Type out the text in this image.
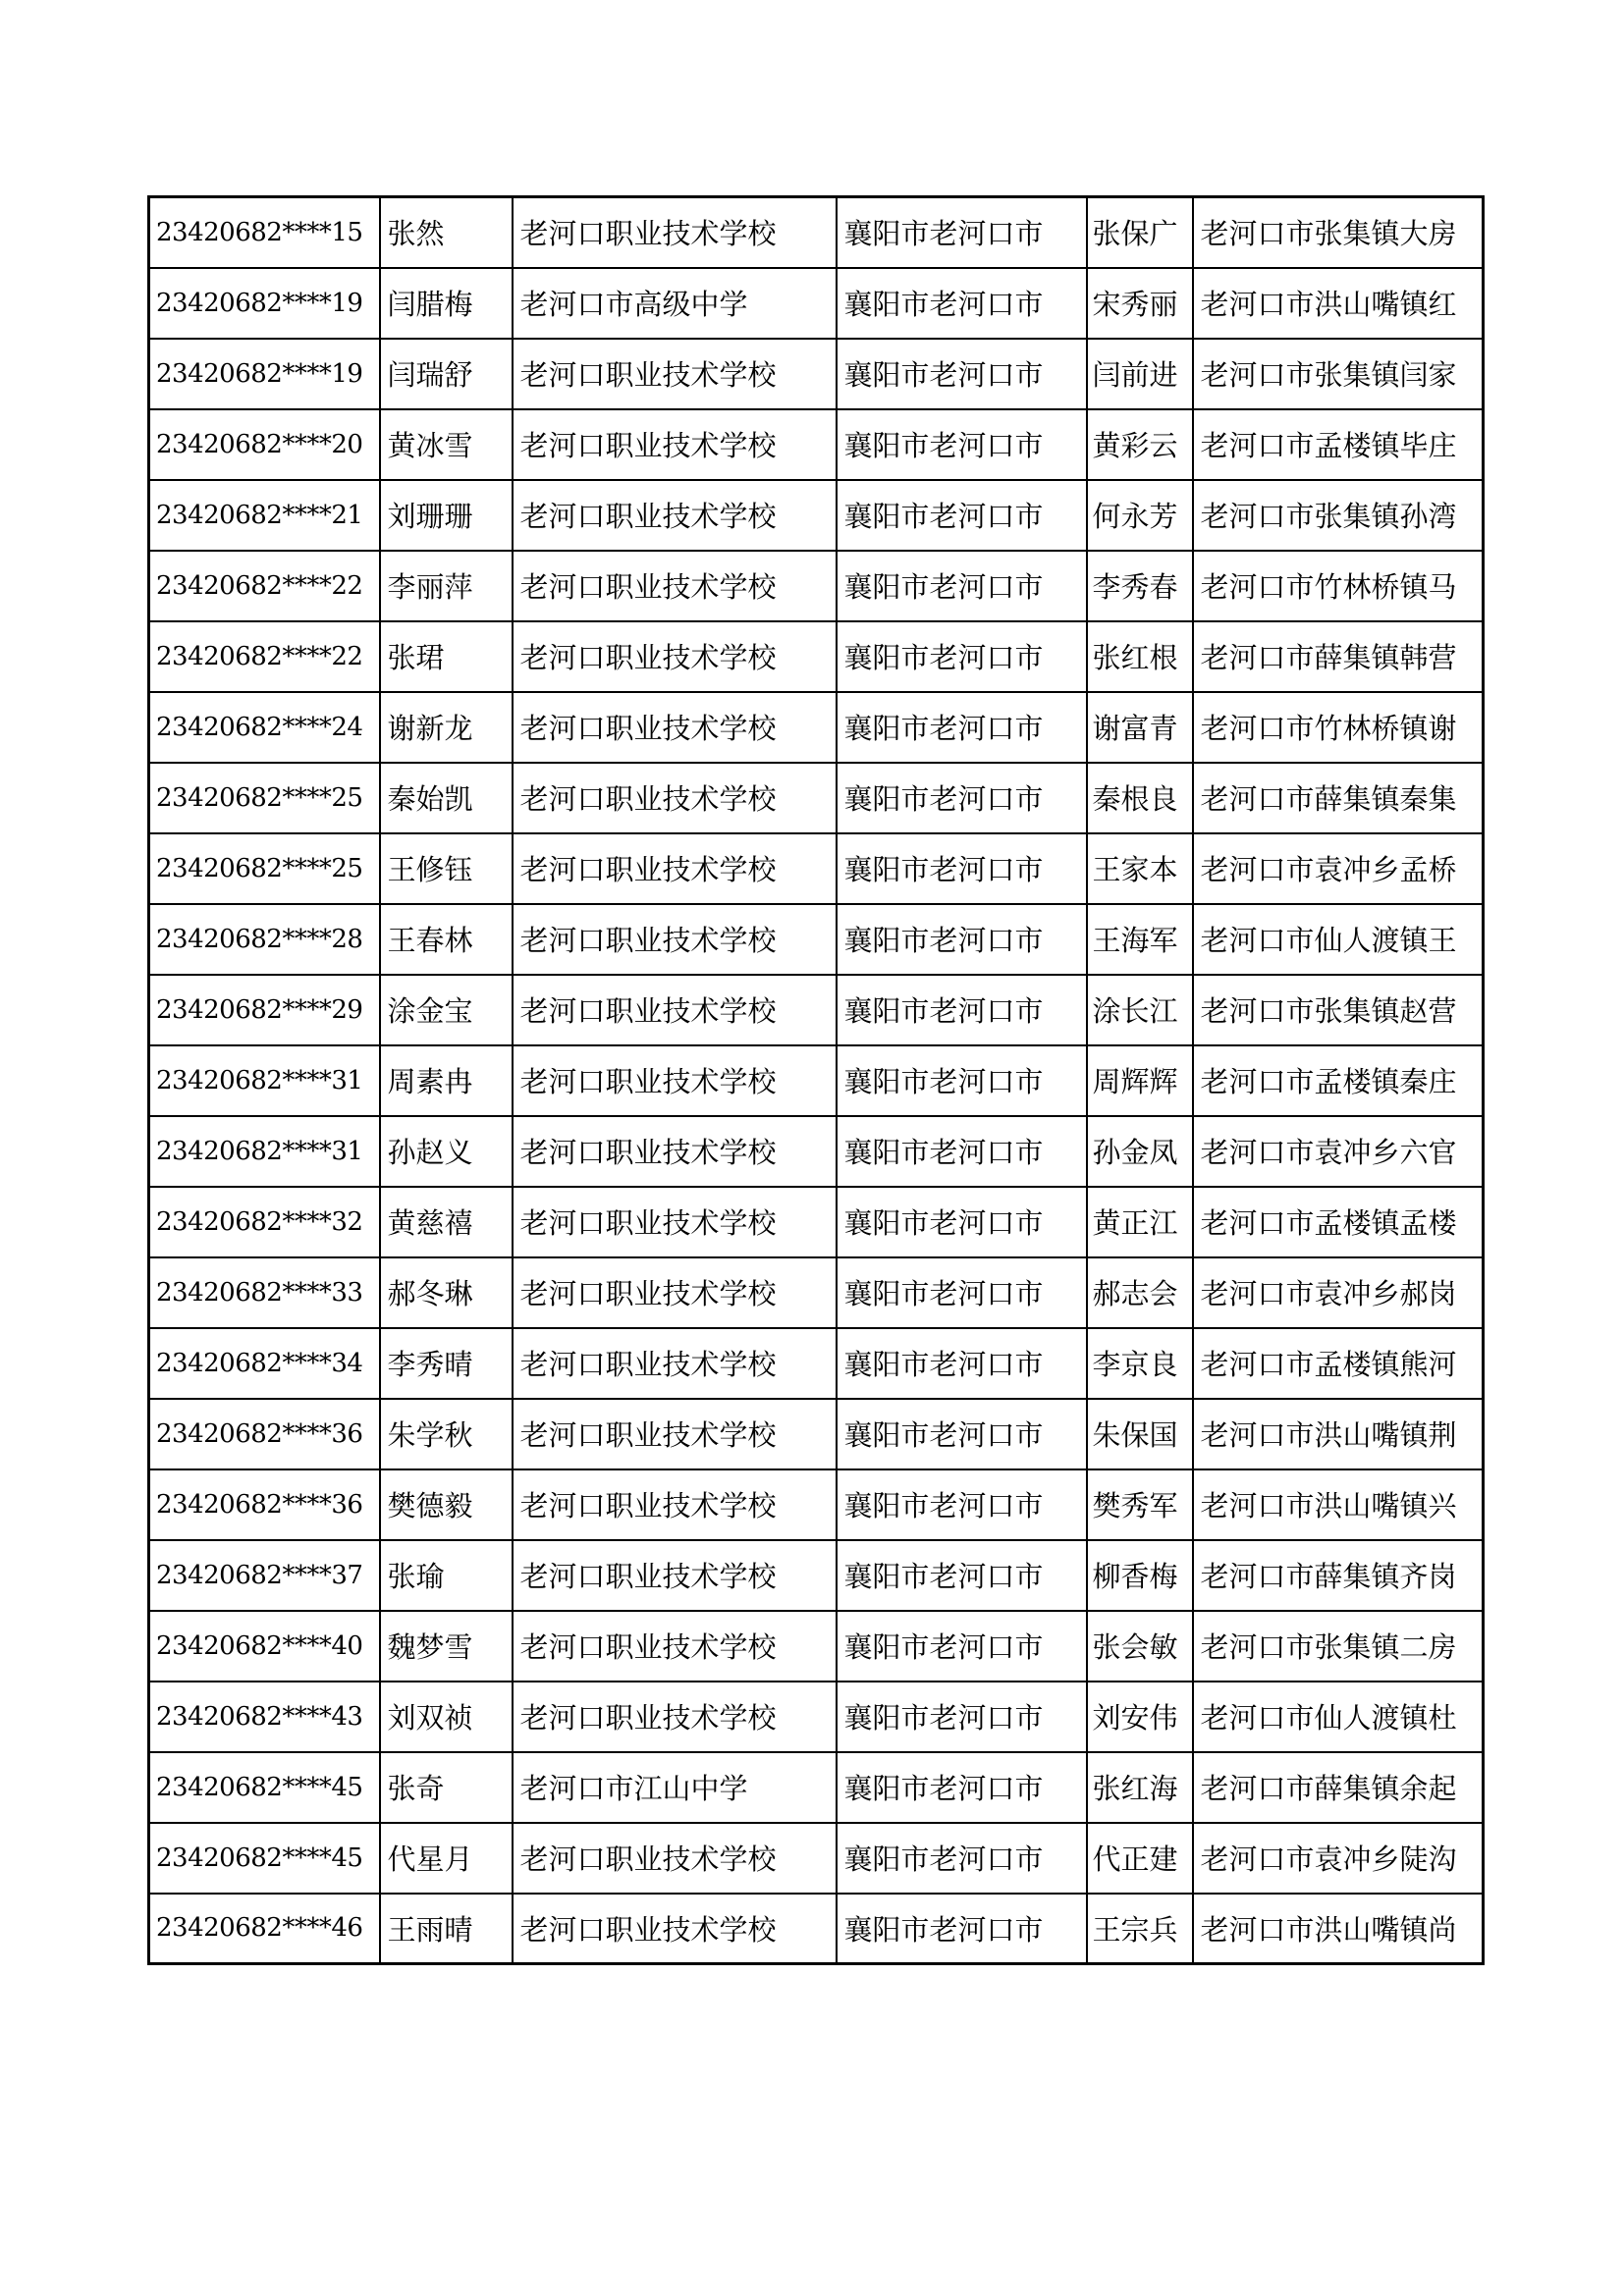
23420682****15	张然	老河口职业技术学校	襄阳市老河口市	张保广	老河口市张集镇大房
23420682****19	闫腊梅	老河口市高级中学	襄阳市老河口市	宋秀丽	老河口市洪山嘴镇红
23420682****19	闫瑞舒	老河口职业技术学校	襄阳市老河口市	闫前进	老河口市张集镇闫家
23420682****20	黄冰雪	老河口职业技术学校	襄阳市老河口市	黄彩云	老河口市孟楼镇毕庄
23420682****21	刘珊珊	老河口职业技术学校	襄阳市老河口市	何永芳	老河口市张集镇孙湾
23420682****22	李丽萍	老河口职业技术学校	襄阳市老河口市	李秀春	老河口市竹林桥镇马
23420682****22	张珺	老河口职业技术学校	襄阳市老河口市	张红根	老河口市薛集镇韩营
23420682****24	谢新龙	老河口职业技术学校	襄阳市老河口市	谢富青	老河口市竹林桥镇谢
23420682****25	秦始凯	老河口职业技术学校	襄阳市老河口市	秦根良	老河口市薛集镇秦集
23420682****25	王修钰	老河口职业技术学校	襄阳市老河口市	王家本	老河口市袁冲乡孟桥
23420682****28	王春林	老河口职业技术学校	襄阳市老河口市	王海军	老河口市仙人渡镇王
23420682****29	涂金宝	老河口职业技术学校	襄阳市老河口市	涂长江	老河口市张集镇赵营
23420682****31	周素冉	老河口职业技术学校	襄阳市老河口市	周辉辉	老河口市孟楼镇秦庄
23420682****31	孙赵义	老河口职业技术学校	襄阳市老河口市	孙金凤	老河口市袁冲乡六官
23420682****32	黄慈禧	老河口职业技术学校	襄阳市老河口市	黄正江	老河口市孟楼镇孟楼
23420682****33	郝冬琳	老河口职业技术学校	襄阳市老河口市	郝志会	老河口市袁冲乡郝岗
23420682****34	李秀晴	老河口职业技术学校	襄阳市老河口市	李京良	老河口市孟楼镇熊河
23420682****36	朱学秋	老河口职业技术学校	襄阳市老河口市	朱保国	老河口市洪山嘴镇荆
23420682****36	樊德毅	老河口职业技术学校	襄阳市老河口市	樊秀军	老河口市洪山嘴镇兴
23420682****37	张瑜	老河口职业技术学校	襄阳市老河口市	柳香梅	老河口市薛集镇齐岗
23420682****40	魏梦雪	老河口职业技术学校	襄阳市老河口市	张会敏	老河口市张集镇二房
23420682****43	刘双祯	老河口职业技术学校	襄阳市老河口市	刘安伟	老河口市仙人渡镇杜
23420682****45	张奇	老河口市江山中学	襄阳市老河口市	张红海	老河口市薛集镇余起
23420682****45	代星月	老河口职业技术学校	襄阳市老河口市	代正建	老河口市袁冲乡陡沟
23420682****46	王雨晴	老河口职业技术学校	襄阳市老河口市	王宗兵	老河口市洪山嘴镇尚
